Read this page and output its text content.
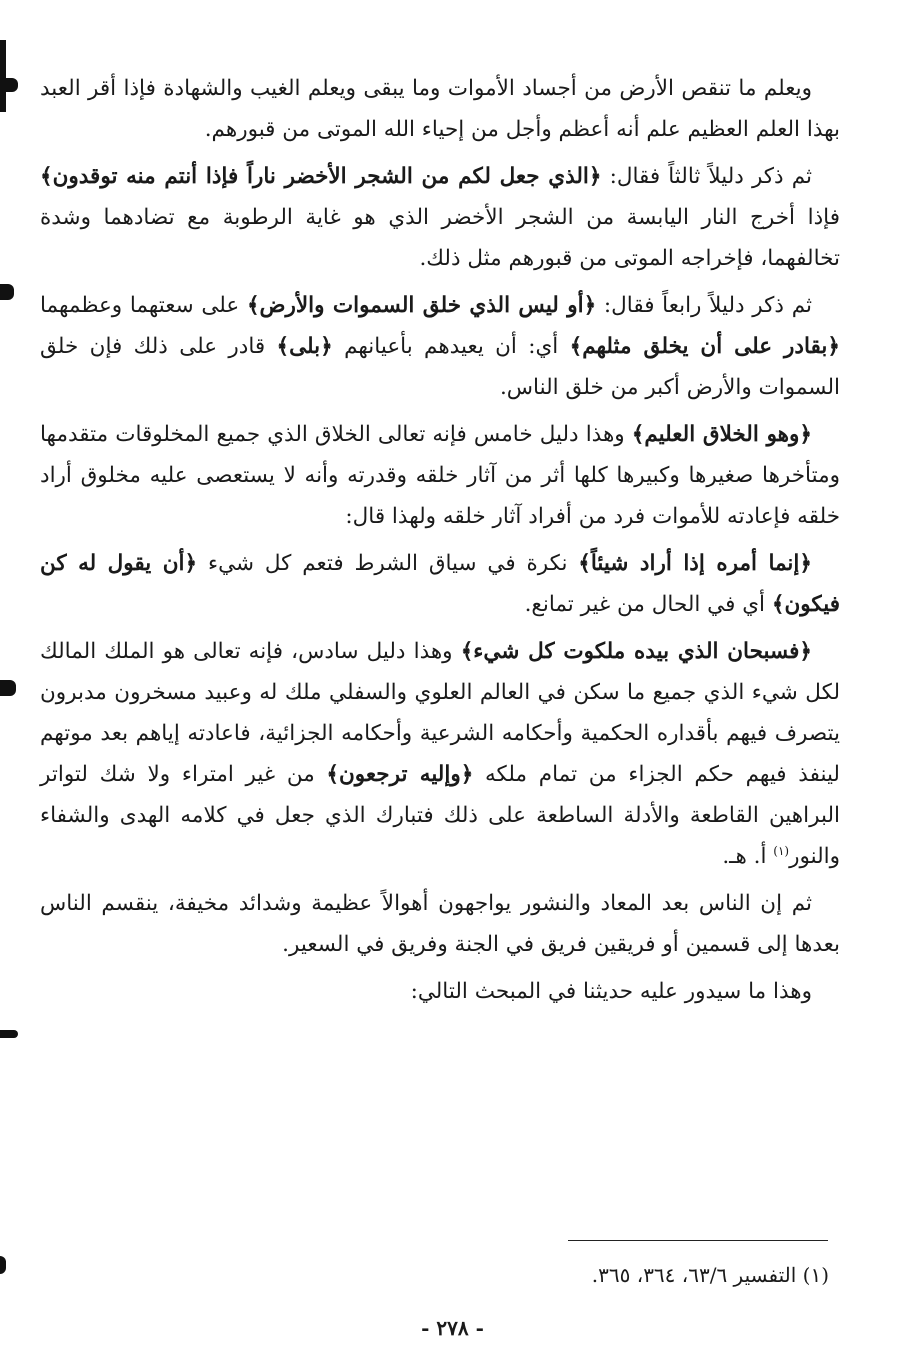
ويعلم ما تنقص الأرض من أجساد الأموات وما يبقى ويعلم الغيب والشهادة فإذا أقر العبد بهذا العلم العظيم علم أنه أعظم وأجل من إحياء الله الموتى من قبورهم.

ثم ذكر دليلاً ثالثاً فقال: ﴿الذي جعل لكم من الشجر الأخضر ناراً فإذا أنتم منه توقدون﴾ فإذا أخرج النار اليابسة من الشجر الأخضر الذي هو غاية الرطوبة مع تضادهما وشدة تخالفهما، فإخراجه الموتى من قبورهم مثل ذلك.

ثم ذكر دليلاً رابعاً فقال: ﴿أو ليس الذي خلق السموات والأرض﴾ على سعتهما وعظمهما ﴿بقادر على أن يخلق مثلهم﴾ أي: أن يعيدهم بأعيانهم ﴿بلى﴾ قادر على ذلك فإن خلق السموات والأرض أكبر من خلق الناس.

﴿وهو الخلاق العليم﴾ وهذا دليل خامس فإنه تعالى الخلاق الذي جميع المخلوقات متقدمها ومتأخرها صغيرها وكبيرها كلها أثر من آثار خلقه وقدرته وأنه لا يستعصى عليه مخلوق أراد خلقه فإعادته للأموات فرد من أفراد آثار خلقه ولهذا قال:

﴿إنما أمره إذا أراد شيئاً﴾ نكرة في سياق الشرط فتعم كل شيء ﴿أن يقول له كن فيكون﴾ أي في الحال من غير تمانع.

﴿فسبحان الذي بيده ملكوت كل شيء﴾ وهذا دليل سادس، فإنه تعالى هو الملك المالك لكل شيء الذي جميع ما سكن في العالم العلوي والسفلي ملك له وعبيد مسخرون مدبرون يتصرف فيهم بأقداره الحكمية وأحكامه الشرعية وأحكامه الجزائية، فاعادته إياهم بعد موتهم لينفذ فيهم حكم الجزاء من تمام ملكه ﴿وإليه ترجعون﴾ من غير امتراء ولا شك لتواتر البراهين القاطعة والأدلة الساطعة على ذلك فتبارك الذي جعل في كلامه الهدى والشفاء والنور$^{(١)}$ أ. هـ.

ثم إن الناس بعد المعاد والنشور يواجهون أهوالاً عظيمة وشدائد مخيفة، ينقسم الناس بعدها إلى قسمين أو فريقين فريق في الجنة وفريق في السعير.

وهذا ما سيدور عليه حديثنا في المبحث التالي:

(١) التفسير ٦٣/٦، ٣٦٤، ٣٦٥.
- ٢٧٨ -
